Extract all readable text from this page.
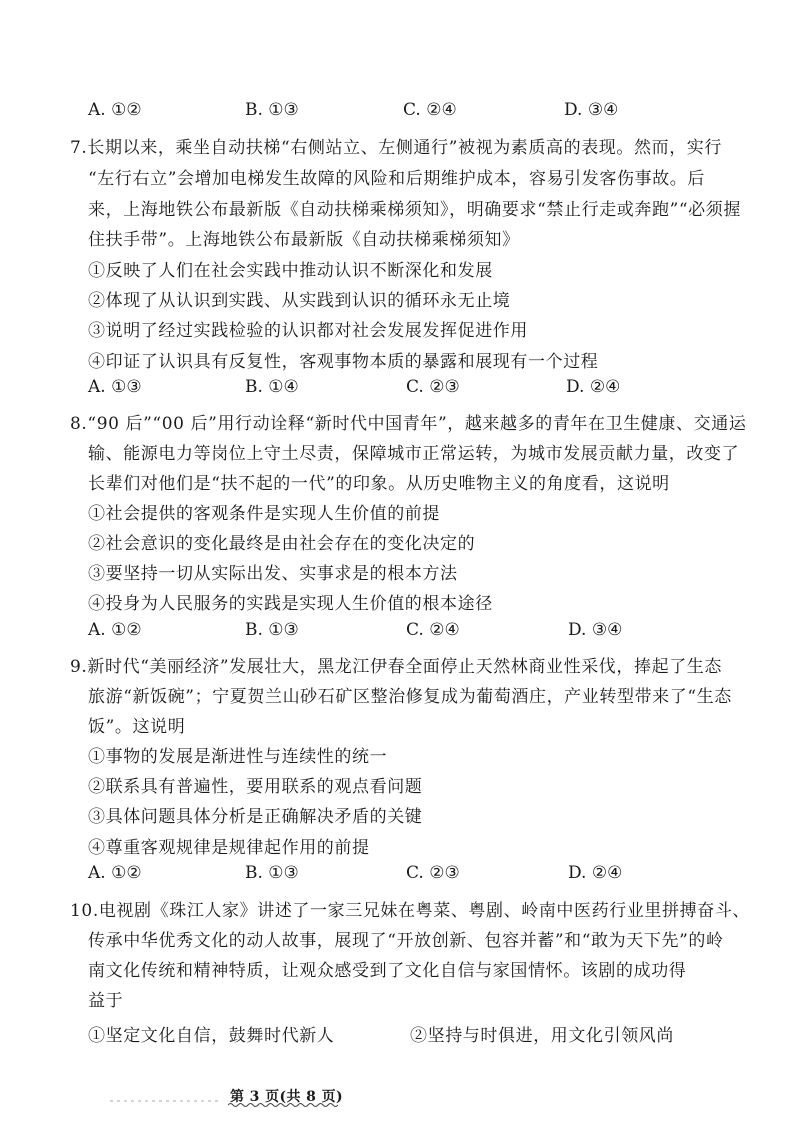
A. ①②	B. ①③	C. ②④	D. ③④
7.长期以来，乘坐自动扶梯“右侧站立、左侧通行”被视为素质高的表现。然而，实行
“左行右立”会增加电梯发生故障的风险和后期维护成本，容易引发客伤事故。后
来，上海地铁公布最新版《自动扶梯乘梯须知》，明确要求“禁止行走或奔跑”“必须握
住扶手带”。上海地铁公布最新版《自动扶梯乘梯须知》
①反映了人们在社会实践中推动认识不断深化和发展
②体现了从认识到实践、从实践到认识的循环永无止境
③说明了经过实践检验的认识都对社会发展发挥促进作用
④印证了认识具有反复性，客观事物本质的暴露和展现有一个过程
A. ①③	B. ①④	C. ②③	D. ②④
8.“90 后”“00 后”用行动诠释“新时代中国青年”，越来越多的青年在卫生健康、交通运
输、能源电力等岗位上守土尽责，保障城市正常运转，为城市发展贡献力量，改变了
长辈们对他们是“扶不起的一代”的印象。从历史唯物主义的角度看，这说明
①社会提供的客观条件是实现人生价值的前提
②社会意识的变化最终是由社会存在的变化决定的
③要坚持一切从实际出发、实事求是的根本方法
④投身为人民服务的实践是实现人生价值的根本途径
A. ①②	B. ①③	C. ②④	D. ③④
9.新时代“美丽经济”发展壮大，黑龙江伊春全面停止天然林商业性采伐，捧起了生态
旅游“新饭碗”；宁夏贺兰山砂石矿区整治修复成为葡萄酒庄，产业转型带来了“生态
饭”。这说明
①事物的发展是渐进性与连续性的统一
②联系具有普遍性，要用联系的观点看问题
③具体问题具体分析是正确解决矛盾的关键
④尊重客观规律是规律起作用的前提
A. ①②	B. ①③	C. ②③	D. ②④
10.电视剧《珠江人家》讲述了一家三兄妹在粤菜、粤剧、岭南中医药行业里拼搏奋斗、
传承中华优秀文化的动人故事，展现了“开放创新、包容并蓄”和“敢为天下先”的岭
南文化传统和精神特质，让观众感受到了文化自信与家国情怀。该剧的成功得
益于
①坚定文化自信，鼓舞时代新人	②坚持与时俱进，用文化引领风尚
第 3 页(共 8 页)
